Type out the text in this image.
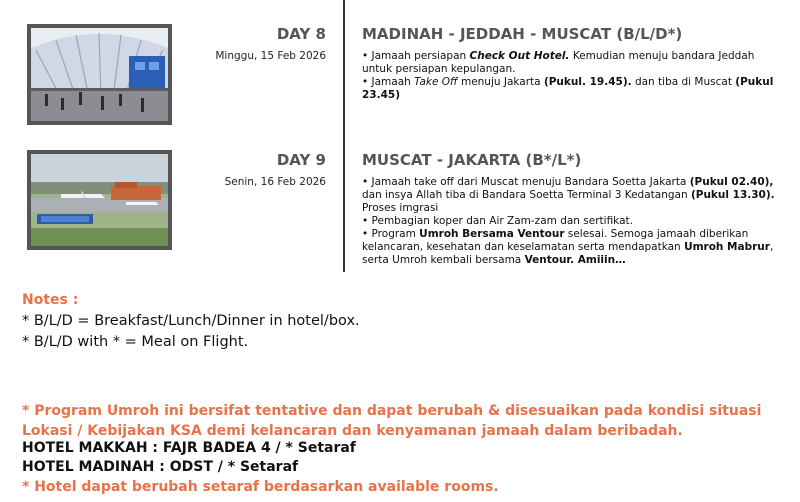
DAY 8
Minggu, 15 Feb 2026
MADINAH - JEDDAH - MUSCAT (B/L/D*)

• Jamaah persiapan Check Out Hotel. Kemudian menuju bandara Jeddah untuk persiapan kepulangan.

• Jamaah Take Off menuju Jakarta (Pukul. 19.45). dan tiba di Muscat (Pukul 23.45)

DAY 9
Senin, 16 Feb 2026
MUSCAT - JAKARTA (B*/L*)

• Jamaah take off dari Muscat menuju Bandara Soetta Jakarta (Pukul 02.40), dan insya Allah tiba di Bandara Soetta Terminal 3 Kedatangan (Pukul 13.30). Proses imgrasi

• Pembagian koper dan Air Zam-zam dan sertifikat.

• Program Umroh Bersama Ventour selesai. Semoga jamaah diberikan kelancaran, kesehatan dan keselamatan serta mendapatkan Umroh Mabrur, serta Umroh kembali bersama Ventour. Amiiin…

Notes :
* B/L/D = Breakfast/Lunch/Dinner in hotel/box.
* B/L/D with * = Meal on Flight.
* Program Umroh ini bersifat tentative dan dapat berubah & disesuaikan pada kondisi situasi Lokasi / Kebijakan KSA demi kelancaran dan kenyamanan jamaah dalam beribadah.
HOTEL MAKKAH : FAJR BADEA 4 / * Setaraf
HOTEL MADINAH : ODST / * Setaraf
* Hotel dapat berubah setaraf berdasarkan available rooms.
